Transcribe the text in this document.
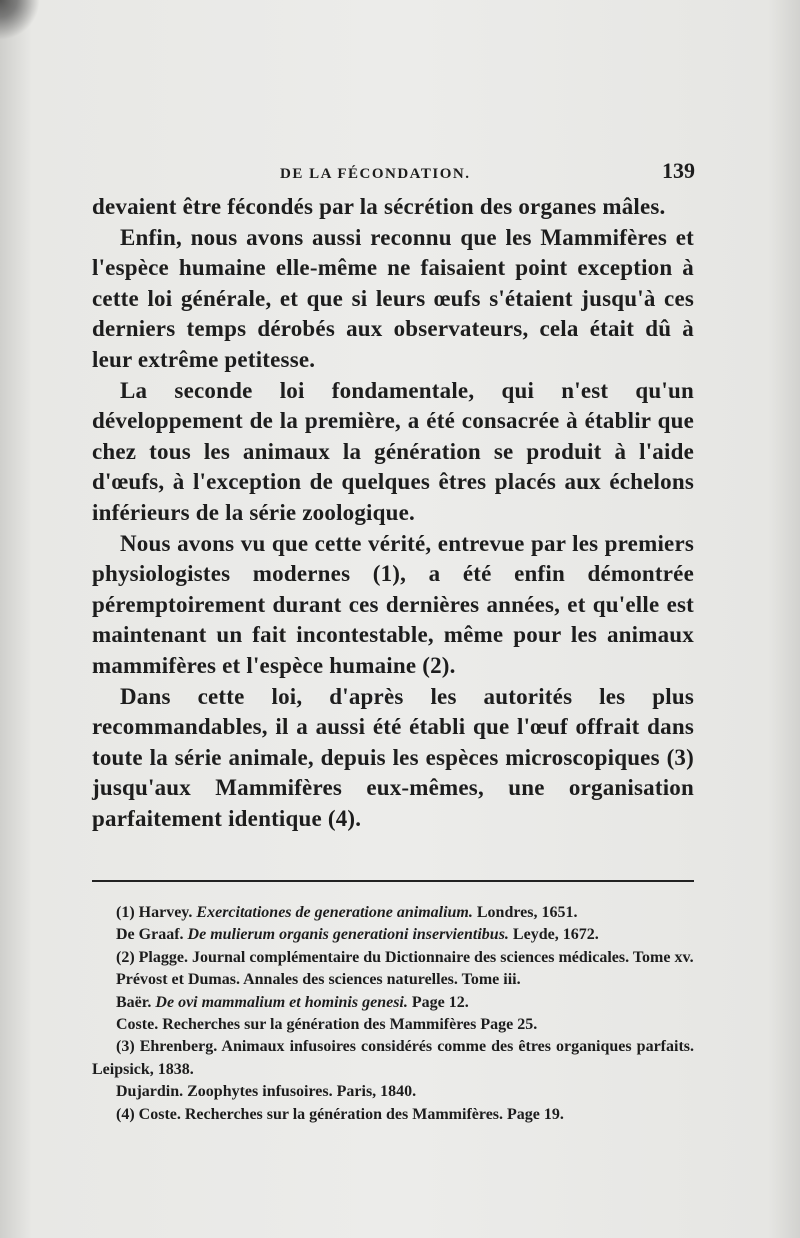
DE LA FÉCONDATION.	139

devaient être fécondés par la sécrétion des organes mâles.

Enfin, nous avons aussi reconnu que les Mammifères et l'espèce humaine elle-même ne faisaient point exception à cette loi générale, et que si leurs œufs s'étaient jusqu'à ces derniers temps dérobés aux observateurs, cela était dû à leur extrême petitesse.

La seconde loi fondamentale, qui n'est qu'un développement de la première, a été consacrée à établir que chez tous les animaux la génération se produit à l'aide d'œufs, à l'exception de quelques êtres placés aux échelons inférieurs de la série zoologique.

Nous avons vu que cette vérité, entrevue par les premiers physiologistes modernes (1), a été enfin démontrée péremptoirement durant ces dernières années, et qu'elle est maintenant un fait incontestable, même pour les animaux mammifères et l'espèce humaine (2).

Dans cette loi, d'après les autorités les plus recommandables, il a aussi été établi que l'œuf offrait dans toute la série animale, depuis les espèces microscopiques (3) jusqu'aux Mammifères eux-mêmes, une organisation parfaitement identique (4).

(1) Harvey. Exercitationes de generatione animalium. Londres, 1651.

De Graaf. De mulierum organis generationi inservientibus. Leyde, 1672.

(2) Plagge. Journal complémentaire du Dictionnaire des sciences médicales. Tome xv.

Prévost et Dumas. Annales des sciences naturelles. Tome iii.

Baër. De ovi mammalium et hominis genesi. Page 12.

Coste. Recherches sur la génération des Mammifères Page 25.

(3) Ehrenberg. Animaux infusoires considérés comme des êtres organiques parfaits. Leipsick, 1838.

Dujardin. Zoophytes infusoires. Paris, 1840.

(4) Coste. Recherches sur la génération des Mammifères. Page 19.
